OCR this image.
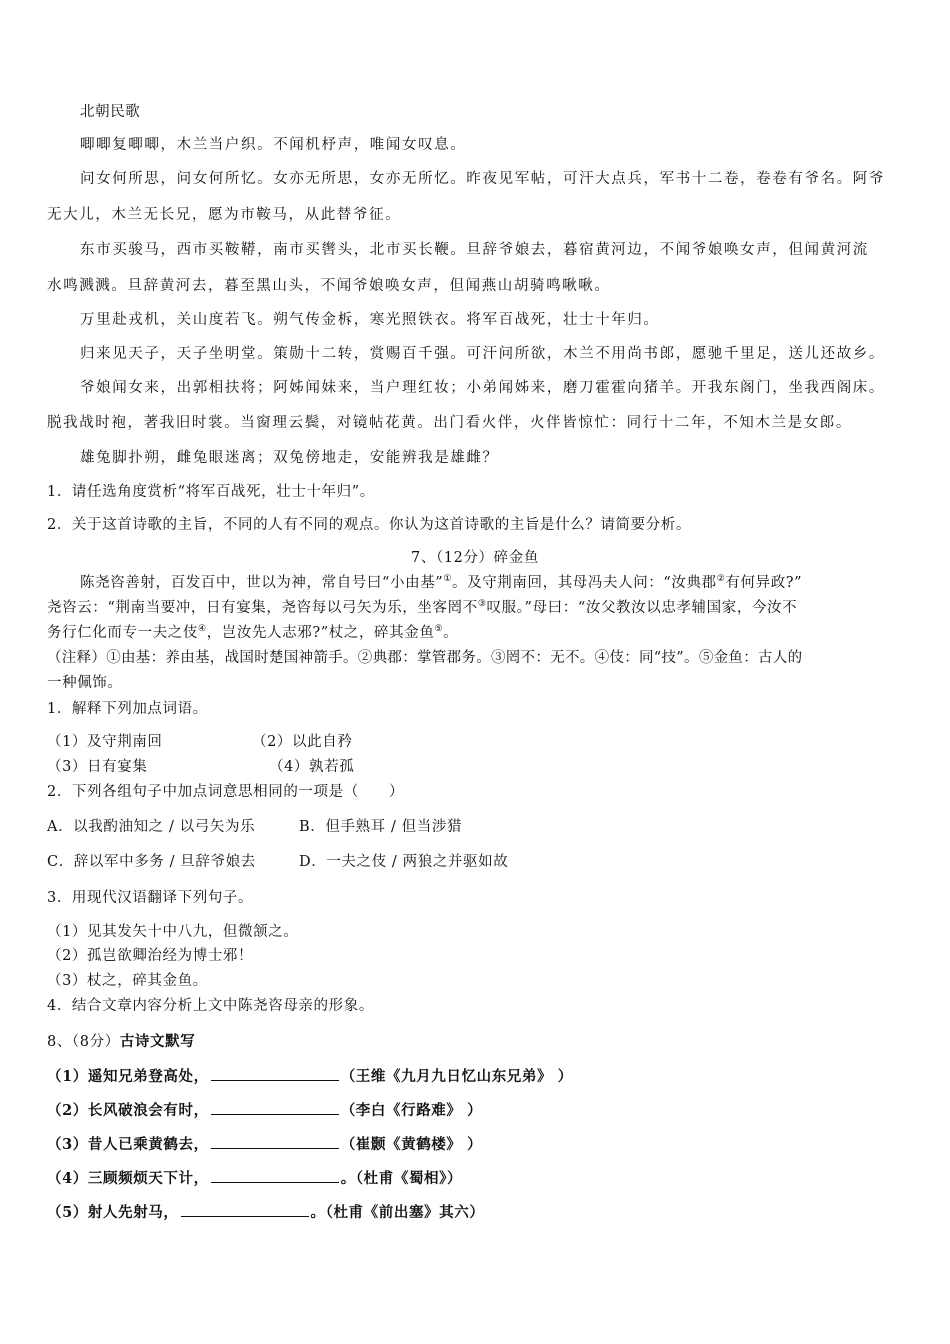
北朝民歌
唧唧复唧唧，木兰当户织。不闻机杼声，唯闻女叹息。
问女何所思，问女何所忆。女亦无所思，女亦无所忆。昨夜见军帖，可汗大点兵，军书十二卷，卷卷有爷名。阿爷
无大儿，木兰无长兄，愿为市鞍马，从此替爷征。
东市买骏马，西市买鞍鞯，南市买辔头，北市买长鞭。旦辞爷娘去，暮宿黄河边，不闻爷娘唤女声，但闻黄河流
水鸣溅溅。旦辞黄河去，暮至黑山头，不闻爷娘唤女声，但闻燕山胡骑鸣啾啾。
万里赴戎机，关山度若飞。朔气传金柝，寒光照铁衣。将军百战死，壮士十年归。
归来见天子，天子坐明堂。策勋十二转，赏赐百千强。可汗问所欲，木兰不用尚书郎，愿驰千里足，送儿还故乡。
爷娘闻女来，出郭相扶将；阿姊闻妹来，当户理红妆；小弟闻姊来，磨刀霍霍向猪羊。开我东阁门，坐我西阁床。
脱我战时袍，著我旧时裳。当窗理云鬓，对镜帖花黄。出门看火伴，火伴皆惊忙：同行十二年，不知木兰是女郎。
雄兔脚扑朔，雌兔眼迷离；双兔傍地走，安能辨我是雄雌？
1．请任选角度赏析“将军百战死，壮士十年归”。
2．关于这首诗歌的主旨，不同的人有不同的观点。你认为这首诗歌的主旨是什么？请简要分析。
7、（12分）碎金鱼
陈尧咨善射，百发百中，世以为神，常自号曰“小由基”①。及守荆南回，其母冯夫人问：“汝典郡②有何异政?”
尧咨云：“荆南当要冲，日有宴集，尧咨每以弓矢为乐，坐客罔不③叹服。”母曰：“汝父教汝以忠孝辅国家，今汝不
务行仁化而专一夫之伎④，岂汝先人志邪?”杖之，碎其金鱼⑤。
（注释）①由基：养由基，战国时楚国神箭手。②典郡：掌管郡务。③罔不：无不。④伎：同“技”。⑤金鱼：古人的
一种佩饰。
1．解释下列加点词语。
（1）及守荆南回	（2）以此自矜
（3）日有宴集	（4）孰若孤
2．下列各组句子中加点词意思相同的一项是（　　）
A．以我酌油知之 / 以弓矢为乐	B．但手熟耳 / 但当涉猎
C．辞以军中多务 / 旦辞爷娘去	D．一夫之伎 / 两狼之并驱如故
3．用现代汉语翻译下列句子。
（1）见其发矢十中八九，但微颔之。
（2）孤岂欲卿治经为博士邪！
（3）杖之，碎其金鱼。
4．结合文章内容分析上文中陈尧咨母亲的形象。
8、（8分）古诗文默写
（1）遥知兄弟登高处，	（王维《九月九日忆山东兄弟》 ）
（2）长风破浪会有时，	（李白《行路难》 ）
（3）昔人已乘黄鹤去，	（崔颢《黄鹤楼》 ）
（4）三顾频烦天下计，	。（杜甫《蜀相》）
（5）射人先射马，	。（杜甫《前出塞》其六）
